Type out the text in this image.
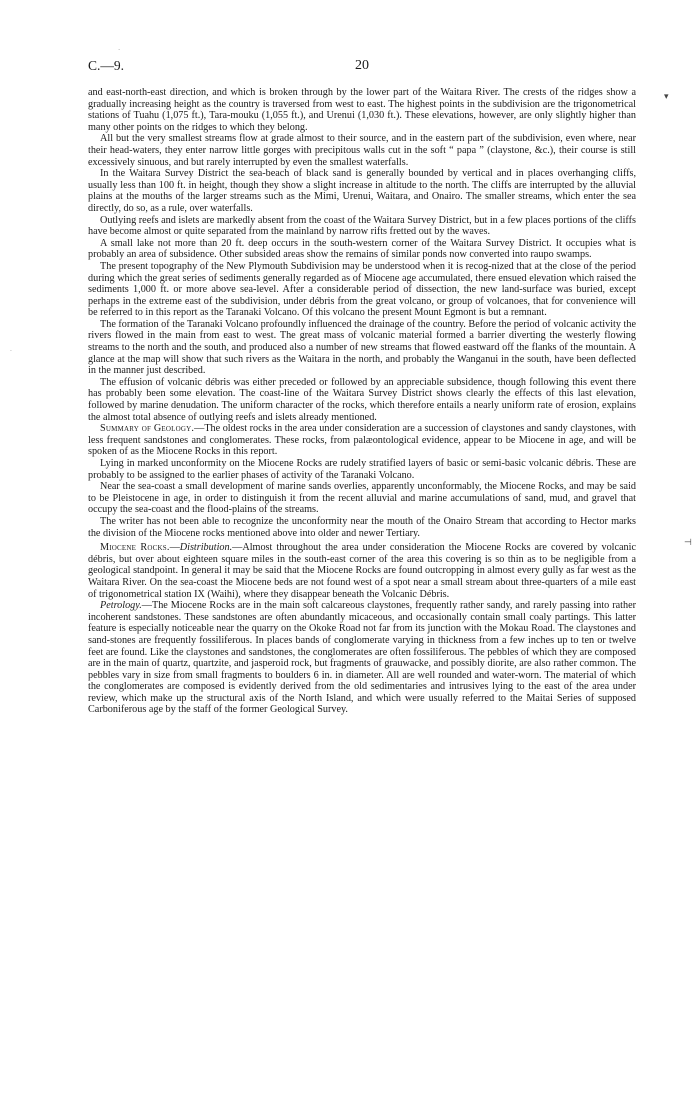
·
·
▾
⊣
C.—9.	20

and east-north-east direction, and which is broken through by the lower part of the Waitara River. The crests of the ridges show a gradually increasing height as the country is traversed from west to east. The highest points in the subdivision are the trigonometrical stations of Tuahu (1,075 ft.), Tara-mouku (1,055 ft.), and Urenui (1,030 ft.). These elevations, however, are only slightly higher than many other points on the ridges to which they belong.

All but the very smallest streams flow at grade almost to their source, and in the eastern part of the subdivision, even where, near their head-waters, they enter narrow little gorges with precipitous walls cut in the soft “ papa ” (claystone, &c.), their course is still excessively sinuous, and but rarely interrupted by even the smallest waterfalls.

In the Waitara Survey District the sea-beach of black sand is generally bounded by vertical and in places overhanging cliffs, usually less than 100 ft. in height, though they show a slight increase in altitude to the north. The cliffs are interrupted by the alluvial plains at the mouths of the larger streams such as the Mimi, Urenui, Waitara, and Onairo. The smaller streams, which enter the sea directly, do so, as a rule, over waterfalls.

Outlying reefs and islets are markedly absent from the coast of the Waitara Survey District, but in a few places portions of the cliffs have become almost or quite separated from the mainland by narrow rifts fretted out by the waves.

A small lake not more than 20 ft. deep occurs in the south-western corner of the Waitara Survey District. It occupies what is probably an area of subsidence. Other subsided areas show the remains of similar ponds now converted into raupo swamps.

The present topography of the New Plymouth Subdivision may be understood when it is recog-nized that at the close of the period during which the great series of sediments generally regarded as of Miocene age accumulated, there ensued elevation which raised the sediments 1,000 ft. or more above sea-level. After a considerable period of dissection, the new land-surface was buried, except perhaps in the extreme east of the subdivision, under débris from the great volcano, or group of volcanoes, that for convenience will be referred to in this report as the Taranaki Volcano. Of this volcano the present Mount Egmont is but a remnant.

The formation of the Taranaki Volcano profoundly influenced the drainage of the country. Before the period of volcanic activity the rivers flowed in the main from east to west. The great mass of volcanic material formed a barrier diverting the westerly flowing streams to the north and the south, and produced also a number of new streams that flowed eastward off the flanks of the mountain. A glance at the map will show that such rivers as the Waitara in the north, and probably the Wanganui in the south, have been deflected in the manner just described.

The effusion of volcanic débris was either preceded or followed by an appreciable subsidence, though following this event there has probably been some elevation. The coast-line of the Waitara Survey District shows clearly the effects of this last elevation, followed by marine denudation. The uniform character of the rocks, which therefore entails a nearly uniform rate of erosion, explains the almost total absence of outlying reefs and islets already mentioned.

Summary of Geology.—The oldest rocks in the area under consideration are a succession of claystones and sandy claystones, with less frequent sandstones and conglomerates. These rocks, from palæontological evidence, appear to be Miocene in age, and will be spoken of as the Miocene Rocks in this report.

Lying in marked unconformity on the Miocene Rocks are rudely stratified layers of basic or semi-basic volcanic débris. These are probably to be assigned to the earlier phases of activity of the Taranaki Volcano.

Near the sea-coast a small development of marine sands overlies, apparently unconformably, the Miocene Rocks, and may be said to be Pleistocene in age, in order to distinguish it from the recent alluvial and marine accumulations of sand, mud, and gravel that occupy the sea-coast and the flood-plains of the streams.

The writer has not been able to recognize the unconformity near the mouth of the Onairo Stream that according to Hector marks the division of the Miocene rocks mentioned above into older and newer Tertiary.

Miocene Rocks.—Distribution.—Almost throughout the area under consideration the Miocene Rocks are covered by volcanic débris, but over about eighteen square miles in the south-east corner of the area this covering is so thin as to be negligible from a geological standpoint. In general it may be said that the Miocene Rocks are found outcropping in almost every gully as far west as the Waitara River. On the sea-coast the Miocene beds are not found west of a spot near a small stream about three-quarters of a mile east of trigonometrical station IX (Waihi), where they disappear beneath the Volcanic Débris.

Petrology.—The Miocene Rocks are in the main soft calcareous claystones, frequently rather sandy, and rarely passing into rather incoherent sandstones. These sandstones are often abundantly micaceous, and occasionally contain small coaly partings. This latter feature is especially noticeable near the quarry on the Okoke Road not far from its junction with the Mokau Road. The claystones and sand-stones are frequently fossiliferous. In places bands of conglomerate varying in thickness from a few inches up to ten or twelve feet are found. Like the claystones and sandstones, the conglomerates are often fossiliferous. The pebbles of which they are composed are in the main of quartz, quartzite, and jasperoid rock, but fragments of grauwacke, and possibly diorite, are also rather common. The pebbles vary in size from small fragments to boulders 6 in. in diameter. All are well rounded and water-worn. The material of which the conglomerates are composed is evidently derived from the old sedimentaries and intrusives lying to the east of the area under review, which make up the structural axis of the North Island, and which were usually referred to the Maitai Series of supposed Carboniferous age by the staff of the former Geological Survey.
